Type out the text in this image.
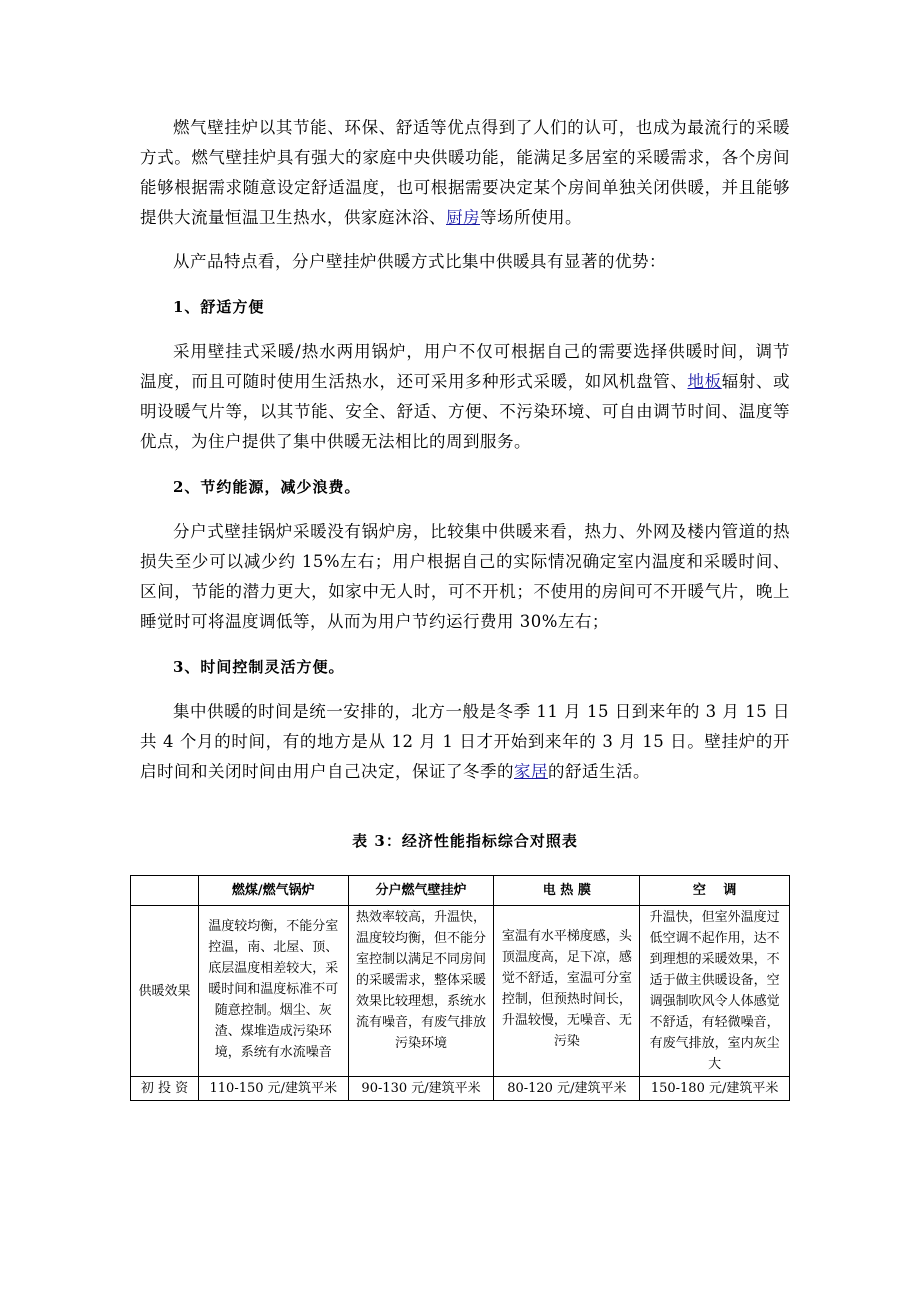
燃气壁挂炉以其节能、环保、舒适等优点得到了人们的认可，也成为最流行的采暖方式。燃气壁挂炉具有强大的家庭中央供暖功能，能满足多居室的采暖需求，各个房间能够根据需求随意设定舒适温度，也可根据需要决定某个房间单独关闭供暖，并且能够提供大流量恒温卫生热水，供家庭沐浴、厨房等场所使用。

从产品特点看，分户壁挂炉供暖方式比集中供暖具有显著的优势：

1、舒适方便

采用壁挂式采暖/热水两用锅炉，用户不仅可根据自己的需要选择供暖时间，调节温度，而且可随时使用生活热水，还可采用多种形式采暖，如风机盘管、地板辐射、或明设暖气片等，以其节能、安全、舒适、方便、不污染环境、可自由调节时间、温度等优点，为住户提供了集中供暖无法相比的周到服务。

2、节约能源，减少浪费。

分户式壁挂锅炉采暖没有锅炉房，比较集中供暖来看，热力、外网及楼内管道的热损失至少可以减少约 15%左右；用户根据自己的实际情况确定室内温度和采暖时间、区间，节能的潜力更大，如家中无人时，可不开机；不使用的房间可不开暖气片，晚上睡觉时可将温度调低等，从而为用户节约运行费用 30%左右；

3、时间控制灵活方便。

集中供暖的时间是统一安排的，北方一般是冬季 11 月 15 日到来年的 3 月 15 日共 4 个月的时间，有的地方是从 12 月 1 日才开始到来年的 3 月 15 日。壁挂炉的开启时间和关闭时间由用户自己决定，保证了冬季的家居的舒适生活。

表 3：经济性能指标综合对照表
	燃煤/燃气锅炉	分户燃气壁挂炉	电 热 膜	空　 调
供暖效果	温度较均衡，不能分室控温，南、北屋、顶、底层温度相差较大，采暖时间和温度标准不可随意控制。烟尘、灰渣、煤堆造成污染环境，系统有水流噪音	热效率较高，升温快，温度较均衡，但不能分室控制以满足不同房间的采暖需求，整体采暖效果比较理想，系统水流有噪音，有废气排放污染环境	室温有水平梯度感，头顶温度高，足下凉，感觉不舒适，室温可分室控制，但预热时间长，升温较慢，无噪音、无污染	升温快，但室外温度过低空调不起作用，达不到理想的采暖效果，不适于做主供暖设备，空调强制吹风令人体感觉不舒适，有轻微噪音，有废气排放，室内灰尘大
初 投 资	110-150 元/建筑平米	90-130 元/建筑平米	80-120 元/建筑平米	150-180 元/建筑平米
